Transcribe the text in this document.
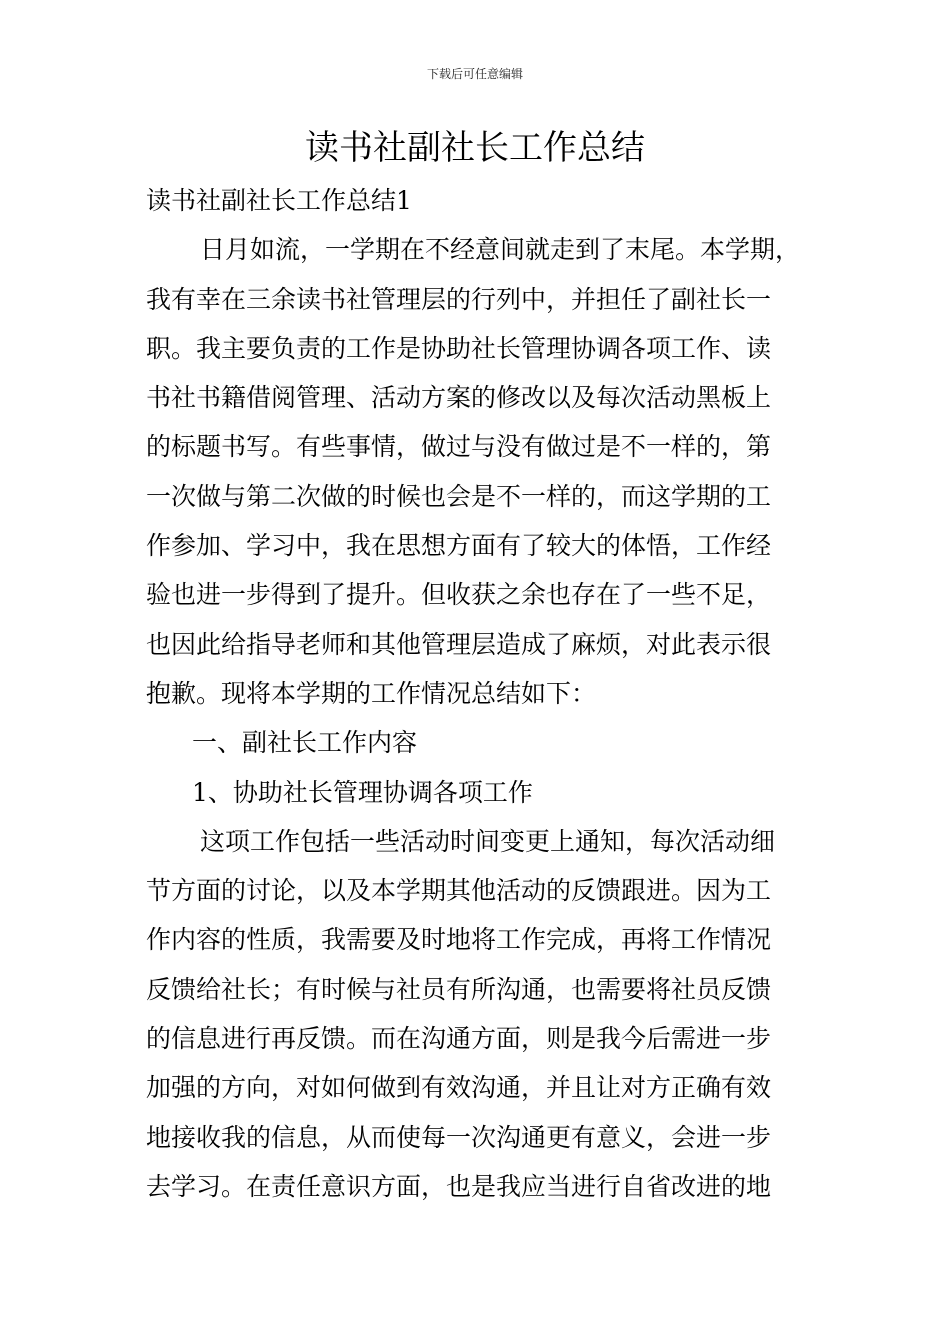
下载后可任意编辑
读书社副社长工作总结
读书社副社长工作总结1
日月如流，一学期在不经意间就走到了末尾。本学期，
我有幸在三余读书社管理层的行列中，并担任了副社长一
职。我主要负责的工作是协助社长管理协调各项工作、读
书社书籍借阅管理、活动方案的修改以及每次活动黑板上
的标题书写。有些事情，做过与没有做过是不一样的，第
一次做与第二次做的时候也会是不一样的，而这学期的工
作参加、学习中，我在思想方面有了较大的体悟，工作经
验也进一步得到了提升。但收获之余也存在了一些不足，
也因此给指导老师和其他管理层造成了麻烦，对此表示很
抱歉。现将本学期的工作情况总结如下：
一、副社长工作内容
1、协助社长管理协调各项工作
这项工作包括一些活动时间变更上通知，每次活动细
节方面的讨论，以及本学期其他活动的反馈跟进。因为工
作内容的性质，我需要及时地将工作完成，再将工作情况
反馈给社长；有时候与社员有所沟通，也需要将社员反馈
的信息进行再反馈。而在沟通方面，则是我今后需进一步
加强的方向，对如何做到有效沟通，并且让对方正确有效
地接收我的信息，从而使每一次沟通更有意义，会进一步
去学习。在责任意识方面，也是我应当进行自省改进的地
